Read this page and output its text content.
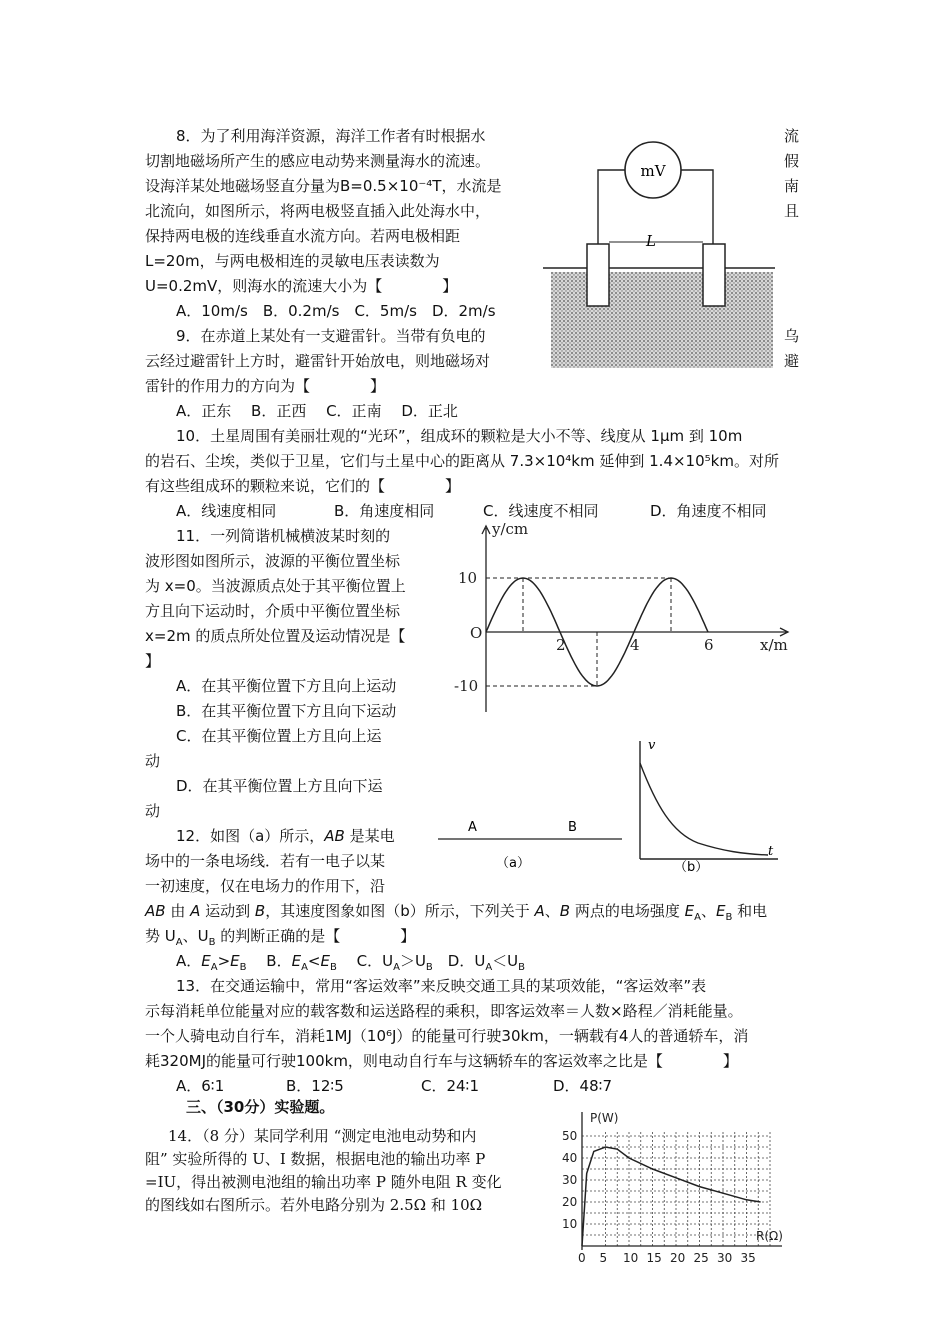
8．为了利用海洋资源，海洋工作者有时根据水
切割地磁场所产生的感应电动势来测量海水的流速。
设海洋某处地磁场竖直分量为B=0.5×10⁻⁴T，水流是
北流向，如图所示，将两电极竖直插入此处海水中，
保持两电极的连线垂直水流方向。若两电极相距
L=20m，与两电极相连的灵敏电压表读数为
U=0.2mV，则海水的流速大小为【　　　　】
流
假
南
且
A．10m/s　B．0.2m/s　C．5m/s　D．2m/s
mV
L
9．在赤道上某处有一支避雷针。当带有负电的
云经过避雷针上方时，避雷针开始放电，则地磁场对
雷针的作用力的方向为【　　　　】
乌
避
A．正东　 B．正西　 C．正南　 D．正北
10．土星周围有美丽壮观的“光环”，组成环的颗粒是大小不等、线度从 1μm 到 10m
的岩石、尘埃，类似于卫星，它们与土星中心的距离从 7.3×10⁴km 延伸到 1.4×10⁵km。对所
有这些组成环的颗粒来说，它们的【　　　　】
A．线速度相同	B．角速度相同	C．线速度不相同	D．角速度不相同
11．一列简谐机械横波某时刻的
波形图如图所示，波源的平衡位置坐标
为 x=0。当波源质点处于其平衡位置上
方且向下运动时，介质中平衡位置坐标
x=2m 的质点所处位置及运动情况是【
】
A．在其平衡位置下方且向上运动
B．在其平衡位置下方且向下运动
C．在其平衡位置上方且向上运
动
D．在其平衡位置上方且向下运
动
y/cm
x/m
O
10
-10
2	4	6
12．如图（a）所示，AB 是某电
场中的一条电场线．若有一电子以某
一初速度，仅在电场力的作用下，沿
AB 由 A 运动到 B，其速度图象如图（b）所示，下列关于 A、B 两点的电场强度 $E_A$、$E_B$ 和电
势 $U_A$、$U_B$ 的判断正确的是【　　　　】
A．$E_A>E_B$　 B．$E_A<E_B$　 C．$U_A>U_B$　D．$U_A<U_B$
A	B
（a）
v
t
（b）
13．在交通运输中，常用“客运效率”来反映交通工具的某项效能，“客运效率”表
示每消耗单位能量对应的载客数和运送路程的乘积，即客运效率＝人数×路程／消耗能量。
一个人骑电动自行车，消耗1MJ（10⁶J）的能量可行驶30km，一辆载有4人的普通轿车，消
耗320MJ的能量可行驶100km，则电动自行车与这辆轿车的客运效率之比是【　　　　】
A．6∶1	B．12∶5	C．24∶1	D．48∶7
三、（30分）实验题。
14．（8 分）某同学利用 “测定电池电动势和内
阻” 实验所得的 U、I 数据，根据电池的输出功率 P
=IU，得出被测电池组的输出功率 P 随外电阻 R 变化
的图线如右图所示。若外电路分别为 2.5Ω 和 10Ω
P(W)
R(Ω)
10
20
30
40
50
0 5 10 15 20 25 30 35
